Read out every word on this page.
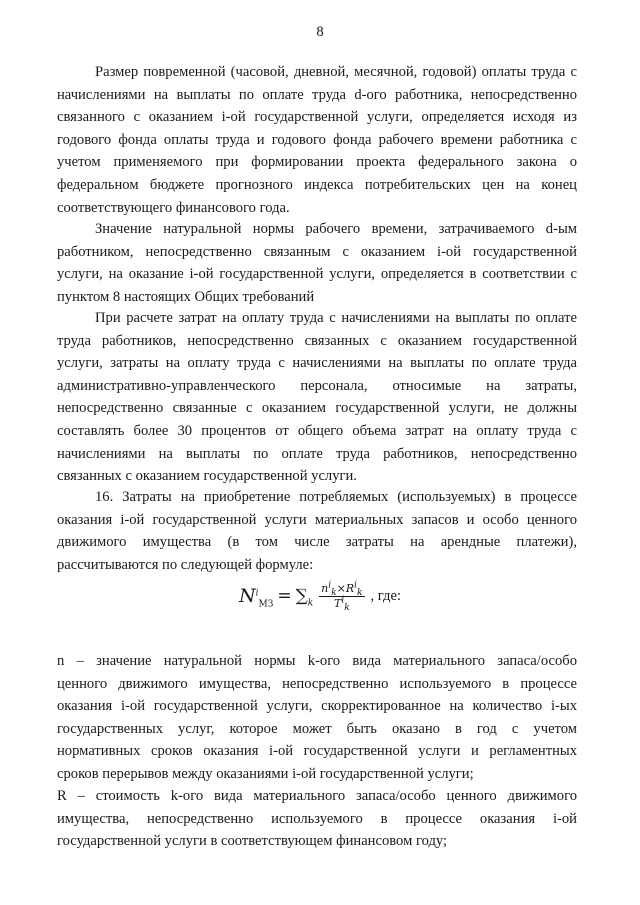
8
Размер повременной (часовой, дневной, месячной, годовой) оплаты труда с
начислениями на выплаты по оплате труда d-ого работника, непосредственно
связанного с оказанием i-ой государственной услуги, определяется исходя из
годового фонда оплаты труда и годового фонда рабочего времени работника с
учетом применяемого при формировании проекта федерального закона о
федеральном бюджете прогнозного индекса потребительских цен на конец
соответствующего финансового года.
Значение натуральной нормы рабочего времени, затрачиваемого d-ым
работником, непосредственно связанным с оказанием i-ой государственной
услуги, на оказание i-ой государственной услуги, определяется в соответствии с
пунктом 8 настоящих Общих требований
При расчете затрат на оплату труда с начислениями на выплаты по оплате
труда работников, непосредственно связанных с оказанием государственной
услуги, затраты на оплату труда с начислениями на выплаты по оплате труда
административно-управленческого персонала, относимые на затраты,
непосредственно связанные с оказанием государственной услуги, не должны
составлять более 30 процентов от общего объема затрат на оплату труда с
начислениями на выплаты по оплате труда работников, непосредственно
связанных с оказанием государственной услуги.
16. Затраты на приобретение потребляемых (используемых) в процессе
оказания i-ой государственной услуги материальных запасов и особо ценного
движимого имущества (в том числе затраты на арендные платежи),
рассчитываются по следующей формуле:
$N^i_{МЗ} = \sum_k \frac{n^i_k\times R^i_k}{T^i_k}$ , где:
n – значение натуральной нормы k-ого вида материального запаса/особо
ценного движимого имущества, непосредственно используемого в процессе
оказания i-ой государственной услуги, скорректированное на количество i-ых
государственных услуг, которое может быть оказано в год с учетом
нормативных сроков оказания i-ой государственной услуги и регламентных
сроков перерывов между оказаниями i-ой государственной услуги;
R – стоимость k-ого вида материального запаса/особо ценного движимого
имущества, непосредственно используемого в процессе оказания i-ой
государственной услуги в соответствующем финансовом году;
